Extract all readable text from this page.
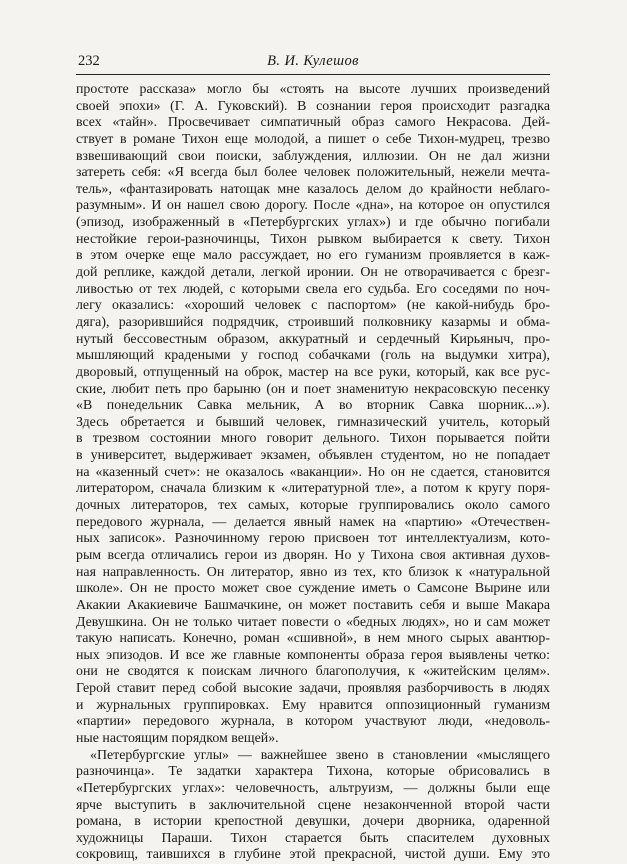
232	В. И. Кулешов
простоте рассказа» могло бы «стоять на высоте лучших произведений
своей эпохи» (Г. А. Гуковский). В сознании героя происходит разгадка
всех «тайн». Просвечивает симпатичный образ самого Некрасова. Дей-
ствует в романе Тихон еще молодой, а пишет о себе Тихон-мудрец, трезво
взвешивающий свои поиски, заблуждения, иллюзии. Он не дал жизни
затереть себя: «Я всегда был более человек положительный, нежели мечта-
тель», «фантазировать натощак мне казалось делом до крайности неблаго-
разумным». И он нашел свою дорогу. После «дна», на которое он опустился
(эпизод, изображенный в «Петербургских углах») и где обычно погибали
нестойкие герои-разночинцы, Тихон рывком выбирается к свету. Тихон
в этом очерке еще мало рассуждает, но его гуманизм проявляется в каж-
дой реплике, каждой детали, легкой иронии. Он не отворачивается с брезг-
ливостью от тех людей, с которыми свела его судьба. Его соседями по ноч-
легу оказались: «хороший человек с паспортом» (не какой-нибудь бро-
дяга), разорившийся подрядчик, строивший полковнику казармы и обма-
нутый бессовестным образом, аккуратный и сердечный Кирьяныч, про-
мышляющий крадеными у господ собачками (голь на выдумки хитра),
дворовый, отпущенный на оброк, мастер на все руки, который, как все рус-
ские, любит петь про барыню (он и поет знаменитую некрасовскую песенку
«В понедельник Савка мельник, А во вторник Савка шорник...»).
Здесь обретается и бывший человек, гимназический учитель, который
в трезвом состоянии много говорит дельного. Тихон порывается пойти
в университет, выдерживает экзамен, объявлен студентом, но не попадает
на «казенный счет»: не оказалось «ваканции». Но он не сдается, становится
литератором, сначала близким к «литературной тле», а потом к кругу поря-
дочных литераторов, тех самых, которые группировались около самого
передового журнала, — делается явный намек на «партию» «Отечествен-
ных записок». Разночинному герою присвоен тот интеллектуализм, кото-
рым всегда отличались герои из дворян. Но у Тихона своя активная духов-
ная направленность. Он литератор, явно из тех, кто близок к «натуральной
школе». Он не просто может свое суждение иметь о Самсоне Вырине или
Акакии Акакиевиче Башмачкине, он может поставить себя и выше Макара
Девушкина. Он не только читает повести о «бедных людях», но и сам может
такую написать. Конечно, роман «сшивной», в нем много сырых авантюр-
ных эпизодов. И все же главные компоненты образа героя выявлены четко:
они не сводятся к поискам личного благополучия, к «житейским целям».
Герой ставит перед собой высокие задачи, проявляя разборчивость в людях
и журнальных группировках. Ему нравится оппозиционный гуманизм
«партии» передового журнала, в котором участвуют люди, «недоволь-
ные настоящим порядком вещей».
«Петербургские углы» — важнейшее звено в становлении «мыслящего
разночинца». Те задатки характера Тихона, которые обрисовались в
«Петербургских углах»: человечность, альтруизм, — должны были еще
ярче выступить в заключительной сцене незаконченной второй части
романа, в истории крепостной девушки, дочери дворника, одаренной
художницы Параши. Тихон старается быть спасителем духовных
сокровищ, таившихся в глубине этой прекрасной, чистой души. Ему это
